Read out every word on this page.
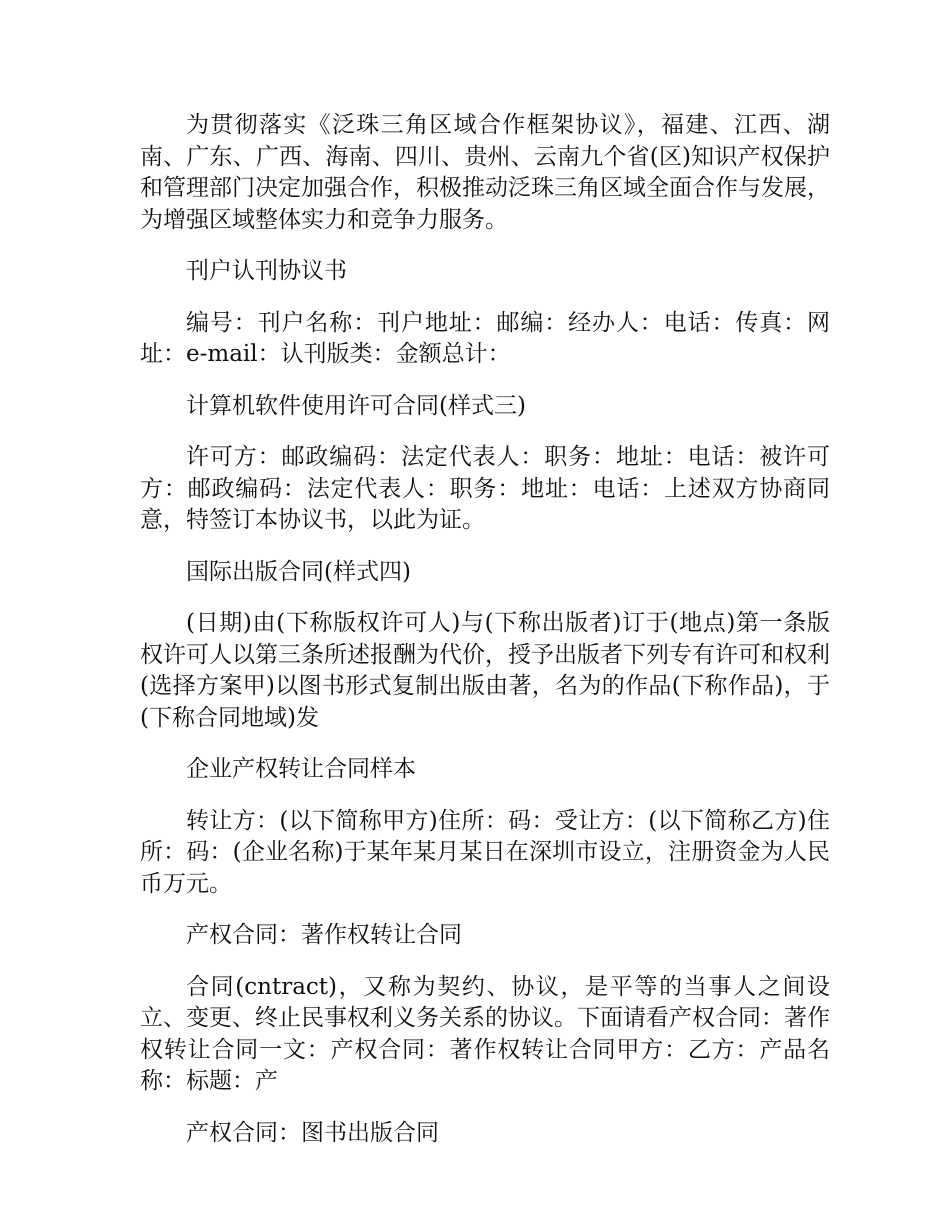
为贯彻落实《泛珠三角区域合作框架协议》，福建、江西、湖南、广东、广西、海南、四川、贵州、云南九个省(区)知识产权保护和管理部门决定加强合作，积极推动泛珠三角区域全面合作与发展，为增强区域整体实力和竞争力服务。

刊户认刊协议书

编号：刊户名称：刊户地址：邮编：经办人：电话：传真：网址：e-mail：认刊版类：金额总计：

计算机软件使用许可合同(样式三)

许可方：邮政编码：法定代表人：职务：地址：电话：被许可方：邮政编码：法定代表人：职务：地址：电话：上述双方协商同意，特签订本协议书，以此为证。

国际出版合同(样式四)

(日期)由(下称版权许可人)与(下称出版者)订于(地点)第一条版权许可人以第三条所述报酬为代价，授予出版者下列专有许可和权利(选择方案甲)以图书形式复制出版由著，名为的作品(下称作品)，于(下称合同地域)发

企业产权转让合同样本

转让方：(以下简称甲方)住所：码：受让方：(以下简称乙方)住所：码：(企业名称)于某年某月某日在深圳市设立，注册资金为人民币万元。

产权合同：著作权转让合同

合同(cntract)，又称为契约、协议，是平等的当事人之间设立、变更、终止民事权利义务关系的协议。下面请看产权合同：著作权转让合同一文：产权合同：著作权转让合同甲方：乙方：产品名称：标题：产

产权合同：图书出版合同
